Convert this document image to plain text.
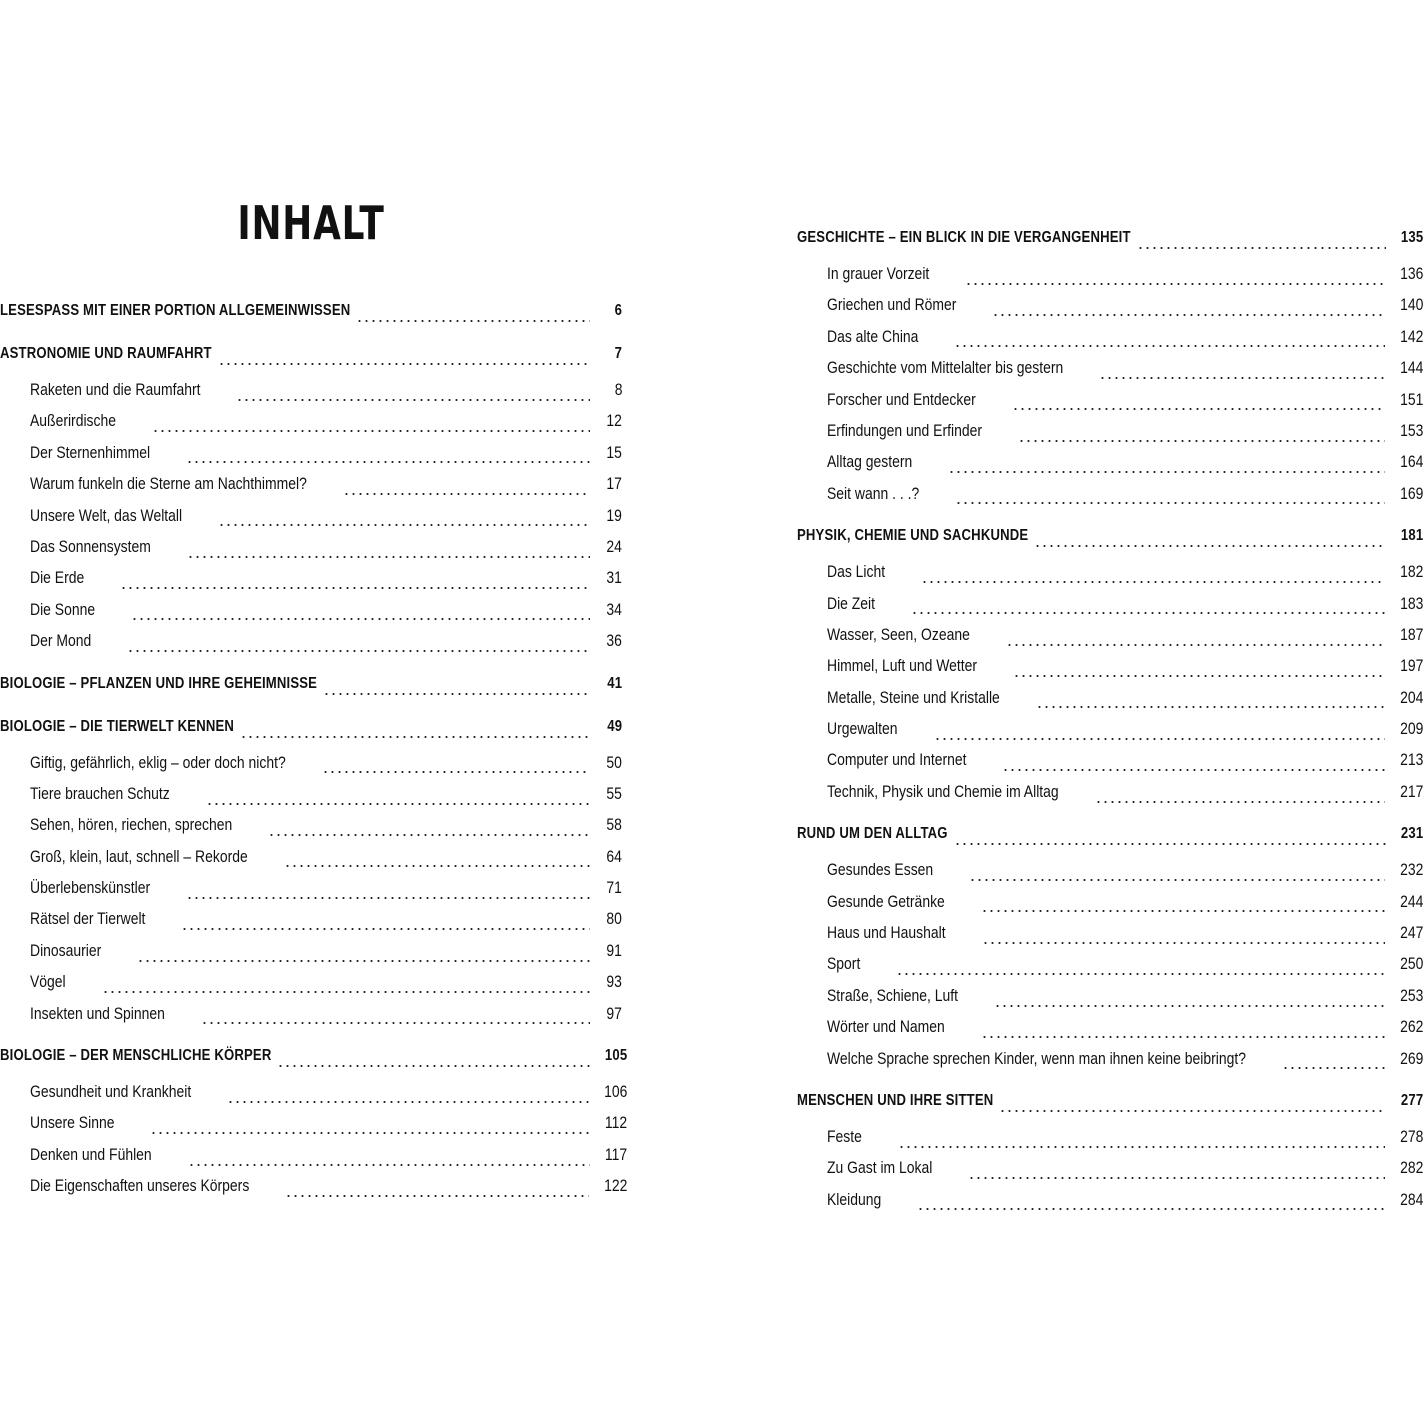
INHALT
LESESPASS MIT EINER PORTION ALLGEMEINWISSEN	6
ASTRONOMIE UND RAUMFAHRT	7
Raketen und die Raumfahrt	8
Außerirdische	12
Der Sternenhimmel	15
Warum funkeln die Sterne am Nachthimmel?	17
Unsere Welt, das Weltall	19
Das Sonnensystem	24
Die Erde	31
Die Sonne	34
Der Mond	36
BIOLOGIE – PFLANZEN UND IHRE GEHEIMNISSE	41
BIOLOGIE – DIE TIERWELT KENNEN	49
Giftig, gefährlich, eklig – oder doch nicht?	50
Tiere brauchen Schutz	55
Sehen, hören, riechen, sprechen	58
Groß, klein, laut, schnell – Rekorde	64
Überlebenskünstler	71
Rätsel der Tierwelt	80
Dinosaurier	91
Vögel	93
Insekten und Spinnen	97
BIOLOGIE – DER MENSCHLICHE KÖRPER	105
Gesundheit und Krankheit	106
Unsere Sinne	112
Denken und Fühlen	117
Die Eigenschaften unseres Körpers	122
GESCHICHTE – EIN BLICK IN DIE VERGANGENHEIT	135
In grauer Vorzeit	136
Griechen und Römer	140
Das alte China	142
Geschichte vom Mittelalter bis gestern	144
Forscher und Entdecker	151
Erfindungen und Erfinder	153
Alltag gestern	164
Seit wann . . .?	169
PHYSIK, CHEMIE UND SACHKUNDE	181
Das Licht	182
Die Zeit	183
Wasser, Seen, Ozeane	187
Himmel, Luft und Wetter	197
Metalle, Steine und Kristalle	204
Urgewalten	209
Computer und Internet	213
Technik, Physik und Chemie im Alltag	217
RUND UM DEN ALLTAG	231
Gesundes Essen	232
Gesunde Getränke	244
Haus und Haushalt	247
Sport	250
Straße, Schiene, Luft	253
Wörter und Namen	262
Welche Sprache sprechen Kinder, wenn man ihnen keine beibringt?	269
MENSCHEN UND IHRE SITTEN	277
Feste	278
Zu Gast im Lokal	282
Kleidung	284
